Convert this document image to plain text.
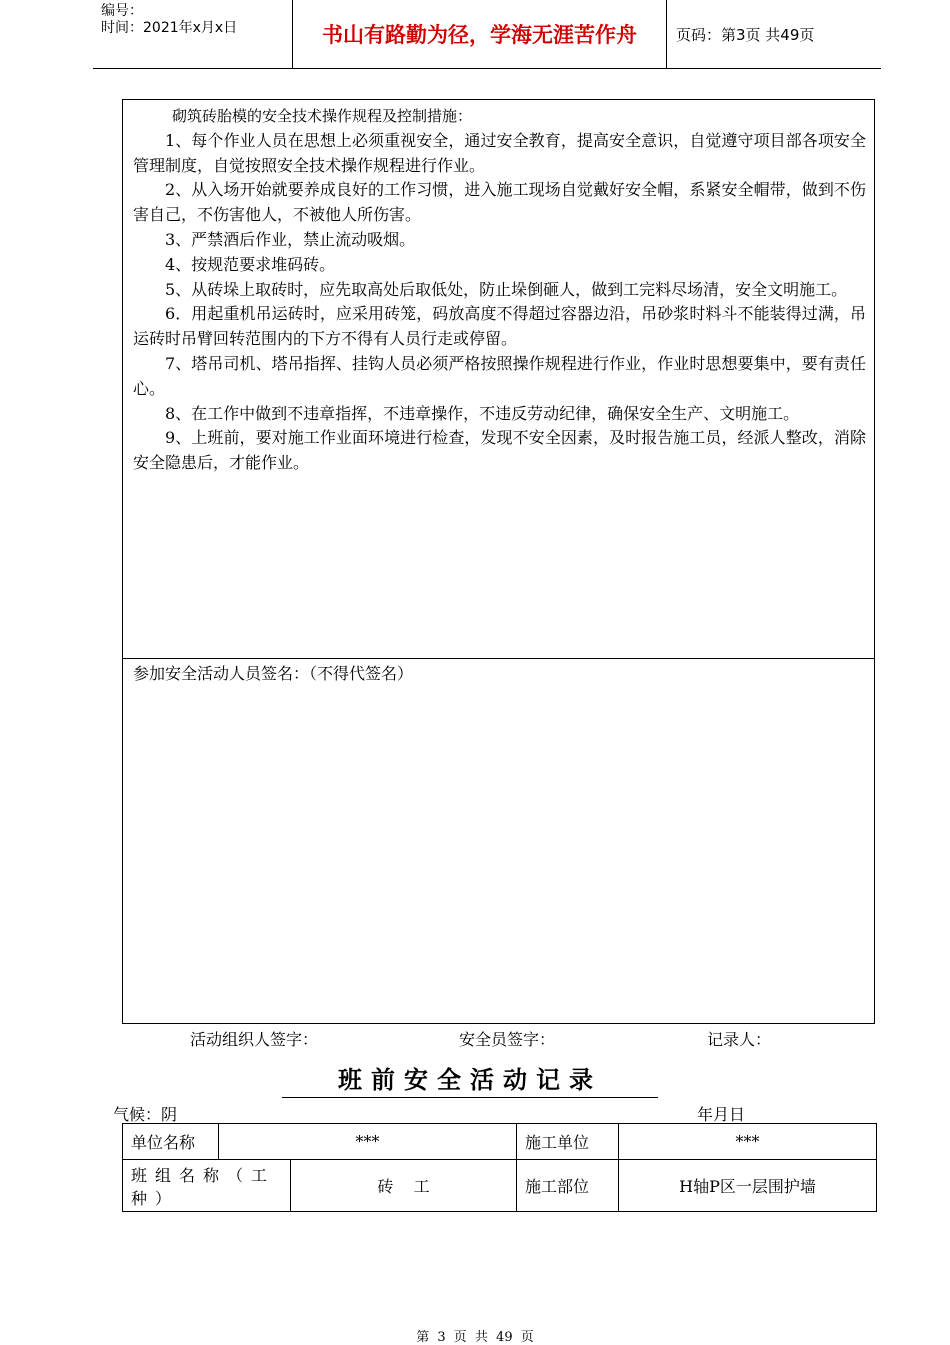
编号：
时间：2021年x月x日	书山有路勤为径，学海无涯苦作舟	页码：第3页 共49页

砌筑砖胎模的安全技术操作规程及控制措施：

1、每个作业人员在思想上必须重视安全，通过安全教育，提高安全意识，自觉遵守项目部各项安全管理制度，自觉按照安全技术操作规程进行作业。

2、从入场开始就要养成良好的工作习惯，进入施工现场自觉戴好安全帽，系紧安全帽带，做到不伤害自己，不伤害他人，不被他人所伤害。

3、严禁酒后作业，禁止流动吸烟。

4、按规范要求堆码砖。

5、从砖垛上取砖时，应先取高处后取低处，防止垛倒砸人，做到工完料尽场清，安全文明施工。

6．用起重机吊运砖时，应采用砖笼，码放高度不得超过容器边沿，吊砂浆时料斗不能装得过满，吊运砖时吊臂回转范围内的下方不得有人员行走或停留。

7、塔吊司机、塔吊指挥、挂钩人员必须严格按照操作规程进行作业，作业时思想要集中，要有责任心。

8、在工作中做到不违章指挥，不违章操作，不违反劳动纪律，确保安全生产、文明施工。

9、上班前，要对施工作业面环境进行检查，发现不安全因素，及时报告施工员，经派人整改，消除安全隐患后，才能作业。

参加安全活动人员签名：（不得代签名）
活动组织人签字：	安全员签字：	记录人：
班前安全活动记录
气候：阴	年月日
单位名称	***		施工单位	***
班组名称（工种）		砖    工	施工部位	H轴P区一层围护墙
第 3 页 共 49 页
